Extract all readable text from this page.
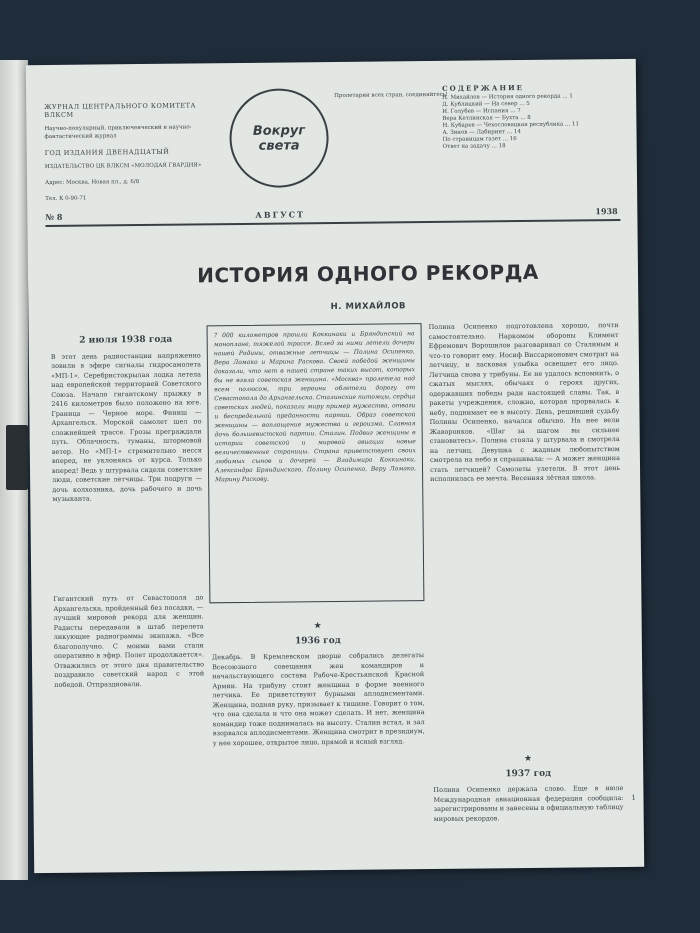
ЖУРНАЛ ЦЕНТРАЛЬНОГО КОМИТЕТА ВЛКСМ
Научно-популярный, приключенческий и научно-фантастический журнал
ГОД ИЗДАНИЯ ДВЕНАДЦАТЫЙ
ИЗДАТЕЛЬСТВО ЦК ВЛКСМ «МОЛОДАЯ ГВАРДИЯ»
Адрес: Москва, Новая пл., д. 6/8
Тел. К 0-90-71
Вокруг света
Пролетарии всех стран, соединяйтесь!
СОДЕРЖАНИЕ
Н. Михайлов — История одного рекорда ... 1
Д. Кублицкий — На север ... 5
И. Голубев — Испания ... 7
Вера Кетлинская — Бухта ... 8
Н. Кубарев — Чехословацкая республика ... 11
А. Зинов — Лабиринт ... 14
По страницам газет ... 16
Ответ на задачу ... 18
№ 8	АВГУСТ	1938
ИСТОРИЯ ОДНОГО РЕКОРДА
Н. МИХАЙЛОВ
2 июля 1938 года
В этот день радиостанции напряженно ловили в эфире сигналы гидросамолета «МП-1». Серебристокрылая лодка летела над европейской территорией Советского Союза. Начало гигантскому прыжку в 2416 километров было положено на юге. Граница — Черное море. Финиш — Архангельск. Морской самолет шел по сложнейшей трассе. Грозы преграждали путь. Облачность, туманы, штормовой ветер. Но «МП-1» стремительно несся вперед, не уклоняясь от курса. Только вперед! Ведь у штурвала сидели советские люди, советские летчицы. Три подруги — дочь колхозника, дочь рабочего и дочь музыканта.
Гигантский путь от Севастополя до Архангельска, пройденный без посадки, — лучший мировой рекорд для женщин. Радисты передавали в штаб перелета ликующие радиограммы экипажа. «Все благополучно. С моими вами стали оперативно в эфир. Полет продолжается». Отважились от этого дня правительство поздравило советский народ с этой победой. Отпраздновали.
7 000 километров прошли Коккинаки и Бряндинский на моноплане, тяжелой трассе. Вслед за ними летели дочери нашей Родины, отважные летчицы — Полина Осипенко, Вера Ломако и Марина Раскова. Своей победой женщины доказали, что нет в нашей стране таких высот, которых бы не взяла советская женщина. «Москва» пролетела над всем полюсом, три героини облетели дорогу от Севастополя до Архангельска. Сталинские питомцы, сердца советских людей, показали миру пример мужества, отваги и беспредельной преданности партии. Образ советской женщины — воплощение мужества и героизма. Славная дочь большевистской партии. Сталин. Подвиг женщины в истории советской и мировой авиации новые величественные страницы. Страна приветствует своих любимых сынов и дочерей — Владимира Коккинаки, Александра Бряндинского, Полину Осипенко, Веру Ломако, Марину Раскову.
★
1936 год
Декабрь. В Кремлевском дворце собрались делегаты Всесоюзного совещания жен командиров и начальствующего состава Рабоче-Крестьянской Красной Армии. На трибуну стоит женщина в форме военного летчика. Ее приветствуют бурными аплодисментами. Женщина, подняв руку, призывает к тишине. Говорит о том, что она сделала и что она может сделать. И нет, женщина командир тоже поднималась на высоту. Сталин встал, и зал взорвался аплодисментами. Женщина смотрит в президиум, у нее хорошее, открытое лицо, прямой и ясный взгляд.
Полина Осипенко подготовлена хорошо, почти самостоятельно. Наркомом обороны Климент Ефремович Ворошилов разговаривал со Сталиным и что-то говорит ему. Иосиф Виссарионович смотрит на летчицу, и ласковая улыбка освещает его лицо. Летчица снова у трибуны. Ее не удалось вспомнить, о сжатых мыслях, обычаях о героях других, одержавших победы ради настоящей славы. Так, в ракеты учреждения, сложно, которая прорвалась к небу, поднимает ее в высоту. День, решивший судьбу Полины Осипенко, начался обычно. На нее вели Жаворонков. «Шаг за шагом вы сильнее становитесь». Полина стояла у штурвала и смотрела на летчиц. Девушка с жадным любопытством смотрела на небо и спрашивала: — А может женщина стать летчицей? Самолеты улетели. В этот день исполнилась ее мечта. Весенняя лётная школа.
★
1937 год
Полина Осипенко держала слово. Еще в июле Международная авиационная федерация сообщила: зарегистрированы и занесены в официальную таблицу мировых рекордов.
1
